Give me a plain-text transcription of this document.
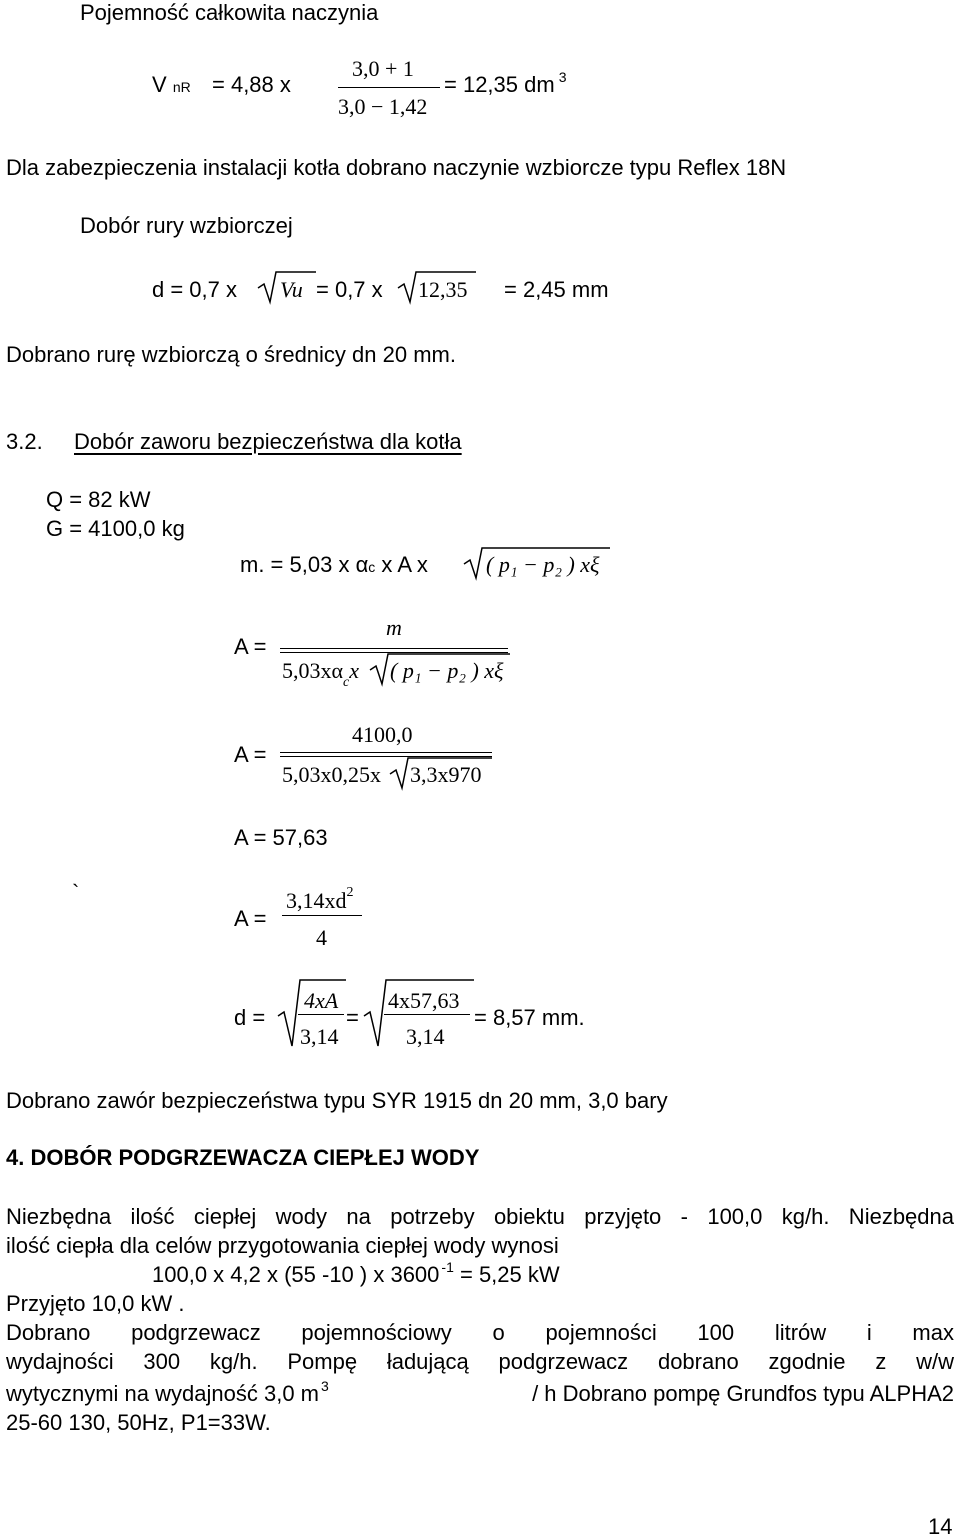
Pojemność całkowita naczynia
V nR = 4,88 x
3,0 + 1
3,0 − 1,42
= 12,35 dm $^3$
Dla zabezpieczenia instalacji kotła dobrano naczynie wzbiorcze typu Reflex 18N
Dobór rury wzbiorczej
d = 0,7 x Vu = 0,7 x 12,35 = 2,45 mm
Dobrano rurę wzbiorczą o średnicy dn 20 mm.
3.2. Dobór zaworu bezpieczeństwa dla kotła
Q = 82 kW
G = 4100,0 kg
m. = 5,03 x αc x A x	( p₁ − p₂ ) xξ
A =
m
$5,03x\alpha_cx$ ( p₁ − p₂ ) xξ
A =
4100,0
5,03x0,25x 3,3x970
A = 57,63
`
A =
$3,14xd^2$
4
d =
4xA
3,14
=
4x57,63
3,14
= 8,57 mm.
Dobrano zawór bezpieczeństwa typu SYR 1915 dn 20 mm, 3,0 bary
4. DOBÓR PODGRZEWACZA CIEPŁEJ WODY
Niezbędna ilość ciepłej wody na potrzeby obiektu przyjęto - 100,0 kg/h. Niezbędna
ilość ciepła dla celów przygotowania ciepłej wody wynosi
100,0 x 4,2 x (55 -10 ) x 3600 $^{-1}$ = 5,25 kW
Przyjęto 10,0 kW .
Dobrano podgrzewacz pojemnościowy o pojemności 100 litrów i max
wydajności 300 kg/h. Pompę ładującą podgrzewacz dobrano zgodnie z w/w
wytycznymi na wydajność 3,0 m $^3$	/ h Dobrano pompę Grundfos typu ALPHA2
25-60 130, 50Hz, P1=33W.
14
